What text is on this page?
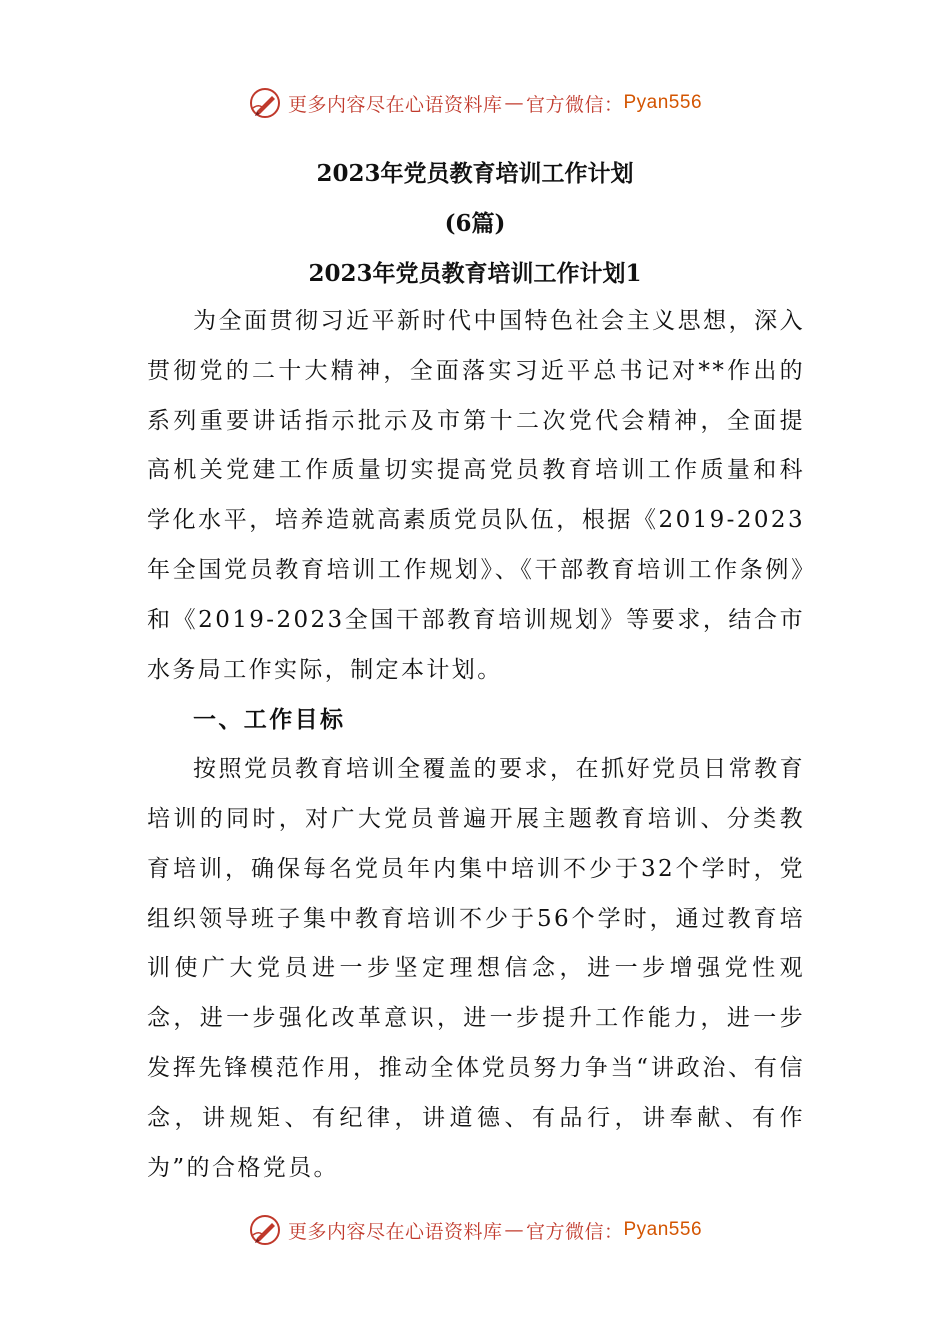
更多内容尽在心语资料库 — 官方微信： Pyan556
2023年党员教育培训工作计划
(6篇)
2023年党员教育培训工作计划1

为全面贯彻习近平新时代中国特色社会主义思想，深入贯彻党的二十大精神，全面落实习近平总书记对**作出的系列重要讲话指示批示及市第十二次党代会精神，全面提高机关党建工作质量切实提高党员教育培训工作质量和科学化水平，培养造就高素质党员队伍，根据《2019-2023年全国党员教育培训工作规划》、《干部教育培训工作条例》和《2019-2023全国干部教育培训规划》等要求，结合市水务局工作实际，制定本计划。

一、工作目标

按照党员教育培训全覆盖的要求，在抓好党员日常教育培训的同时，对广大党员普遍开展主题教育培训、分类教育培训，确保每名党员年内集中培训不少于32个学时，党组织领导班子集中教育培训不少于56个学时，通过教育培训使广大党员进一步坚定理想信念，进一步增强党性观念，进一步强化改革意识，进一步提升工作能力，进一步发挥先锋模范作用，推动全体党员努力争当“讲政治、有信念，讲规矩、有纪律，讲道德、有品行，讲奉献、有作为”的合格党员。

更多内容尽在心语资料库 — 官方微信： Pyan556
